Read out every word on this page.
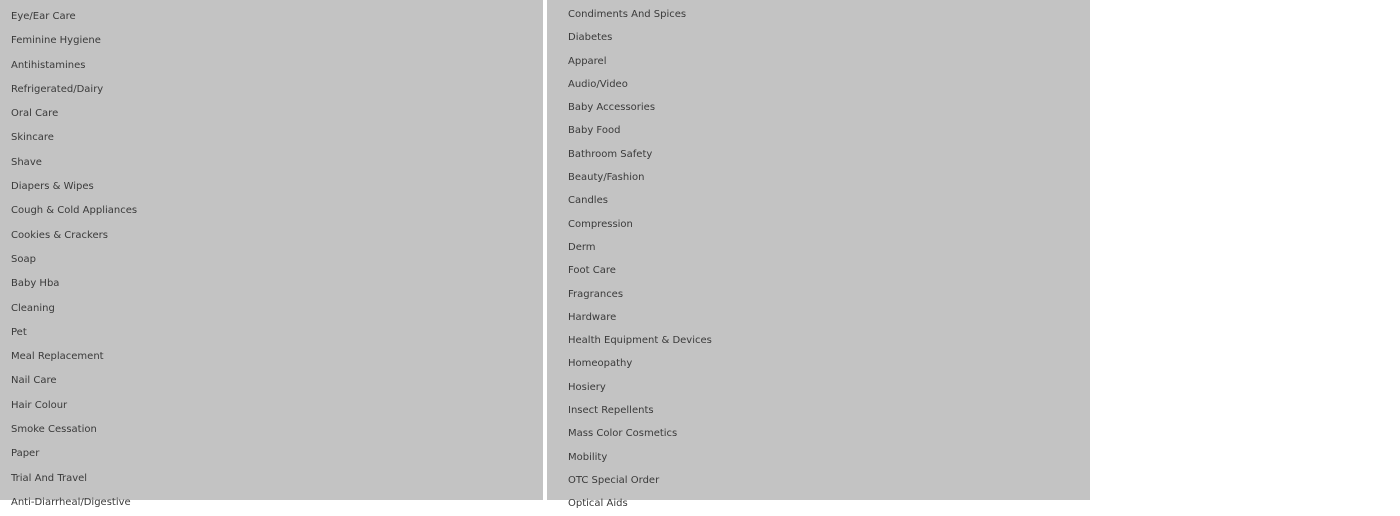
Eye/Ear Care
Feminine Hygiene
Antihistamines
Refrigerated/Dairy
Oral Care
Skincare
Shave
Diapers & Wipes
Cough & Cold Appliances
Cookies & Crackers
Soap
Baby Hba
Cleaning
Pet
Meal Replacement
Nail Care
Hair Colour
Smoke Cessation
Paper
Trial And Travel
Anti-Diarrheal/Digestive
Condiments And Spices
Diabetes
Apparel
Audio/Video
Baby Accessories
Baby Food
Bathroom Safety
Beauty/Fashion
Candles
Compression
Derm
Foot Care
Fragrances
Hardware
Health Equipment & Devices
Homeopathy
Hosiery
Insect Repellents
Mass Color Cosmetics
Mobility
OTC Special Order
Optical Aids
